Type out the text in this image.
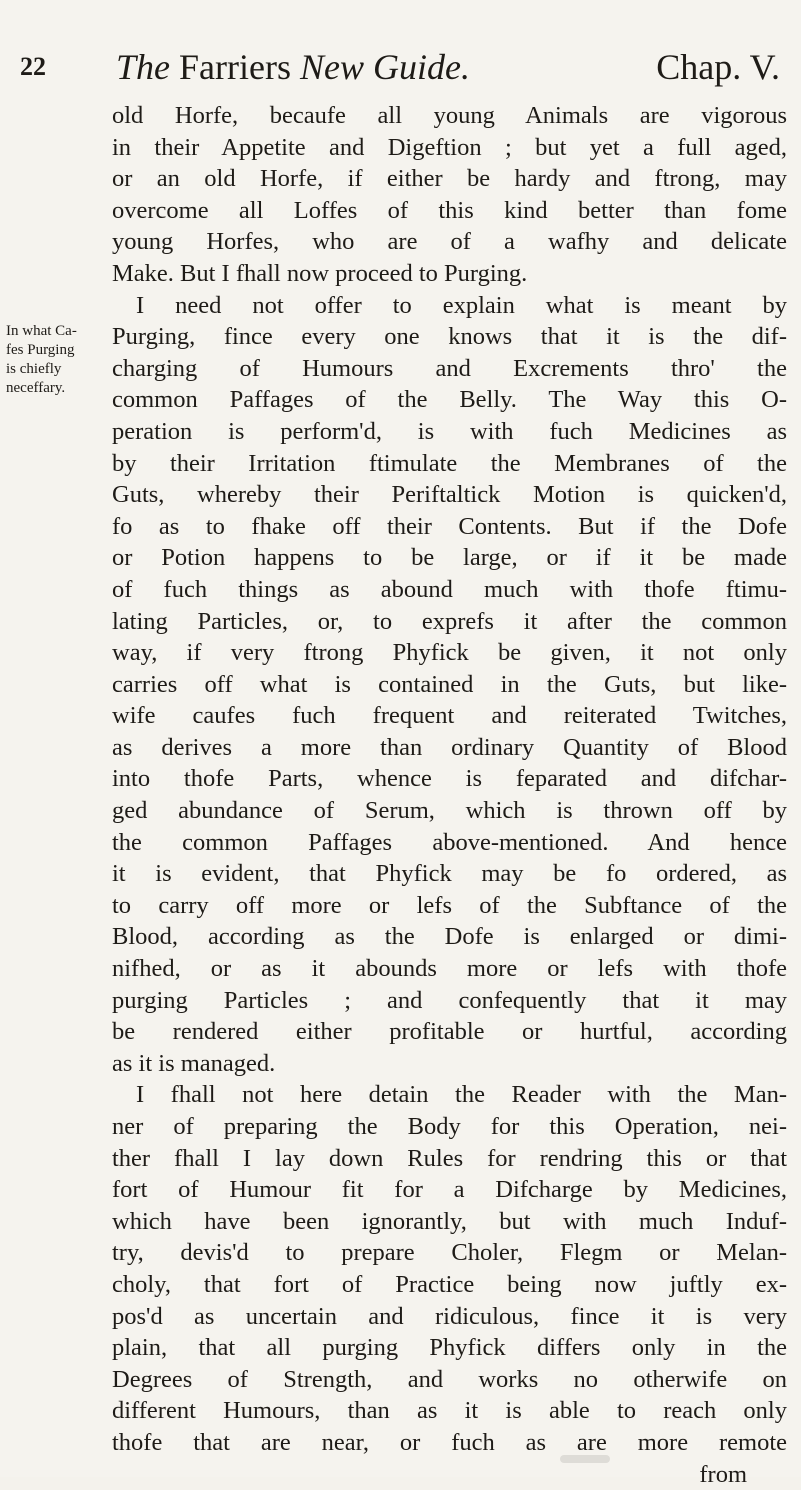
22 The Farriers New Guide.	Chap. V.
In what Ca-
fes Purging
is chiefly
neceffary.
old Horfe, becaufe all young Animals are vigorous
in their Appetite and Digeftion ; but yet a full aged,
or an old Horfe, if either be hardy and ftrong, may
overcome all Loffes of this kind better than fome
young Horfes, who are of a wafhy and delicate
Make. But I fhall now proceed to Purging.
I need not offer to explain what is meant by
Purging, fince every one knows that it is the dif-
charging of Humours and Excrements thro' the
common Paffages of the Belly. The Way this O-
peration is perform'd, is with fuch Medicines as
by their Irritation ftimulate the Membranes of the
Guts, whereby their Periftaltick Motion is quicken'd,
fo as to fhake off their Contents. But if the Dofe
or Potion happens to be large, or if it be made
of fuch things as abound much with thofe ftimu-
lating Particles, or, to exprefs it after the common
way, if very ftrong Phyfick be given, it not only
carries off what is contained in the Guts, but like-
wife caufes fuch frequent and reiterated Twitches,
as derives a more than ordinary Quantity of Blood
into thofe Parts, whence is feparated and difchar-
ged abundance of Serum, which is thrown off by
the common Paffages above-mentioned. And hence
it is evident, that Phyfick may be fo ordered, as
to carry off more or lefs of the Subftance of the
Blood, according as the Dofe is enlarged or dimi-
nifhed, or as it abounds more or lefs with thofe
purging Particles ; and confequently that it may
be rendered either profitable or hurtful, according
as it is managed.
I fhall not here detain the Reader with the Man-
ner of preparing the Body for this Operation, nei-
ther fhall I lay down Rules for rendring this or that
fort of Humour fit for a Difcharge by Medicines,
which have been ignorantly, but with much Induf-
try, devis'd to prepare Choler, Flegm or Melan-
choly, that fort of Practice being now juftly ex-
pos'd as uncertain and ridiculous, fince it is very
plain, that all purging Phyfick differs only in the
Degrees of Strength, and works no otherwife on
different Humours, than as it is able to reach only
thofe that are near, or fuch as are more remote
from
